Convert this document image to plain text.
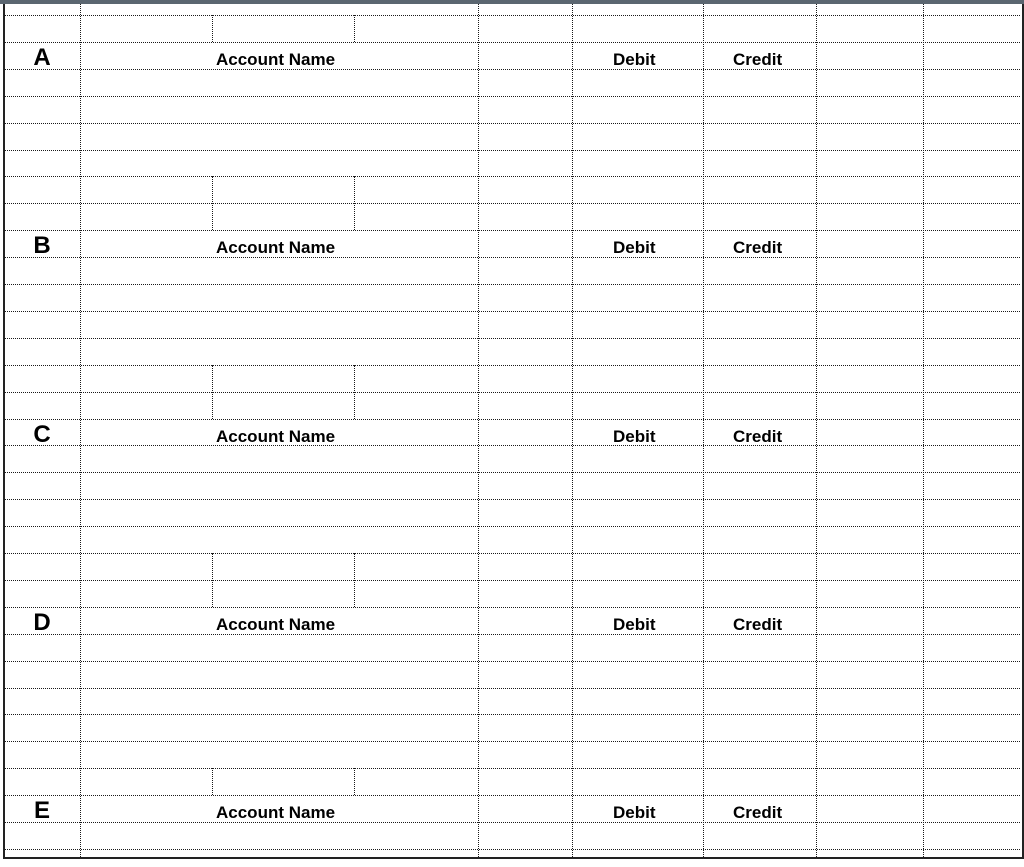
A	Account Name	Debit	Credit
B	Account Name	Debit	Credit
C	Account Name	Debit	Credit
D	Account Name	Debit	Credit
E	Account Name	Debit	Credit
